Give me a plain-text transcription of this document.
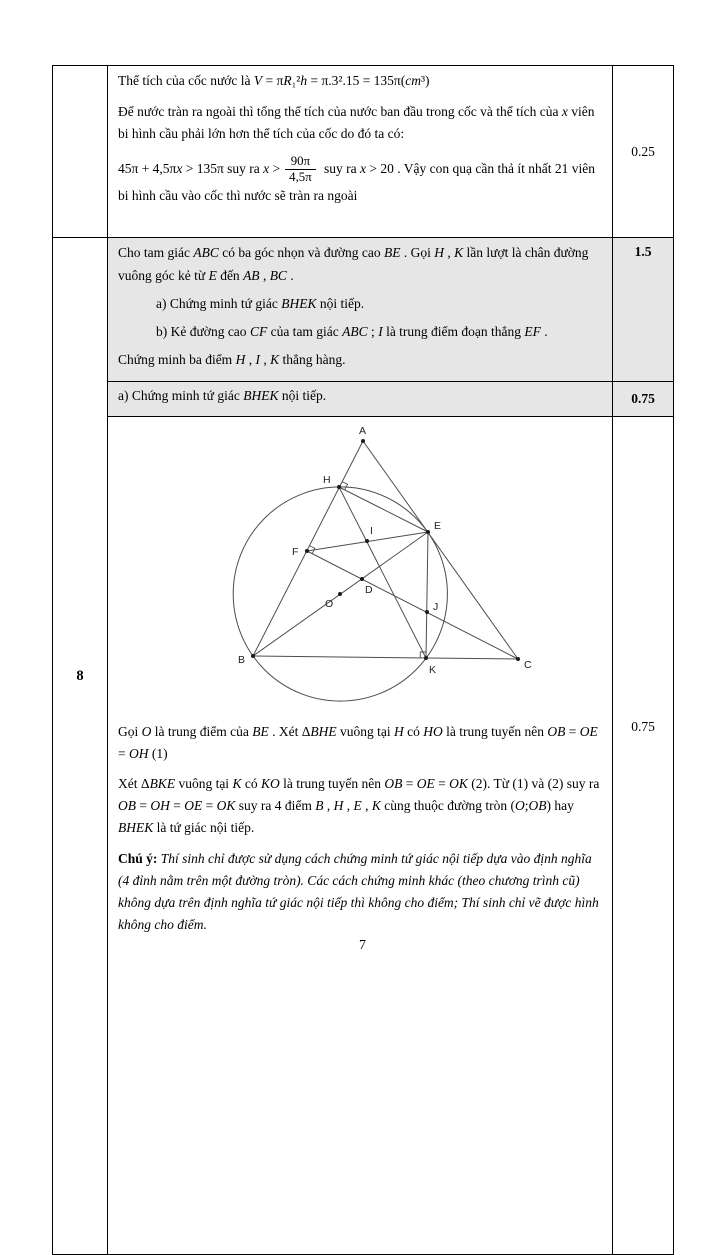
Thể tích của cốc nước là V = πR₁²h = π.3².15 = 135π(cm³)

Để nước tràn ra ngoài thì tổng thể tích của nước ban đầu trong cốc và thể tích của x viên bi hình cầu phải lớn hơn thể tích của cốc do đó ta có:

45π + 4,5πx > 135π suy ra $x > \frac{90\pi}{4,5\pi}$ suy ra x > 20 . Vậy con quạ cần thả ít nhất 21 viên bi hình cầu vào cốc thì nước sẽ tràn ra ngoài

	0.25
8	Cho tam giác ABC có ba góc nhọn và đường cao BE . Gọi H , K lần lượt là chân đường vuông góc kẻ từ E đến AB , BC .

a) Chứng minh tứ giác BHEK nội tiếp.

b) Kẻ đường cao CF của tam giác ABC ; I là trung điểm đoạn thẳng EF .

Chứng minh ba điểm H , I , K thẳng hàng.	1.5

	a) Chứng minh tứ giác BHEK nội tiếp.	0.75

A
B	C
E
F
H
I
O
D
J
K

Gọi O là trung điểm của BE . Xét ΔBHE vuông tại H có HO là trung tuyến nên OB = OE = OH (1)

Xét ΔBKE vuông tại K có KO là trung tuyến nên OB = OE = OK (2). Từ (1) và (2) suy ra OB = OH = OE = OK suy ra 4 điểm B , H , E , K cùng thuộc đường tròn (O;OB) hay BHEK là tứ giác nội tiếp.

Chú ý: Thí sinh chỉ được sử dụng cách chứng minh tứ giác nội tiếp dựa vào định nghĩa (4 đỉnh nằm trên một đường tròn). Các cách chứng minh khác (theo chương trình cũ) không dựa trên định nghĩa tứ giác nội tiếp thì không cho điểm; Thí sinh chỉ vẽ được hình không cho điểm.

	0.75
7
